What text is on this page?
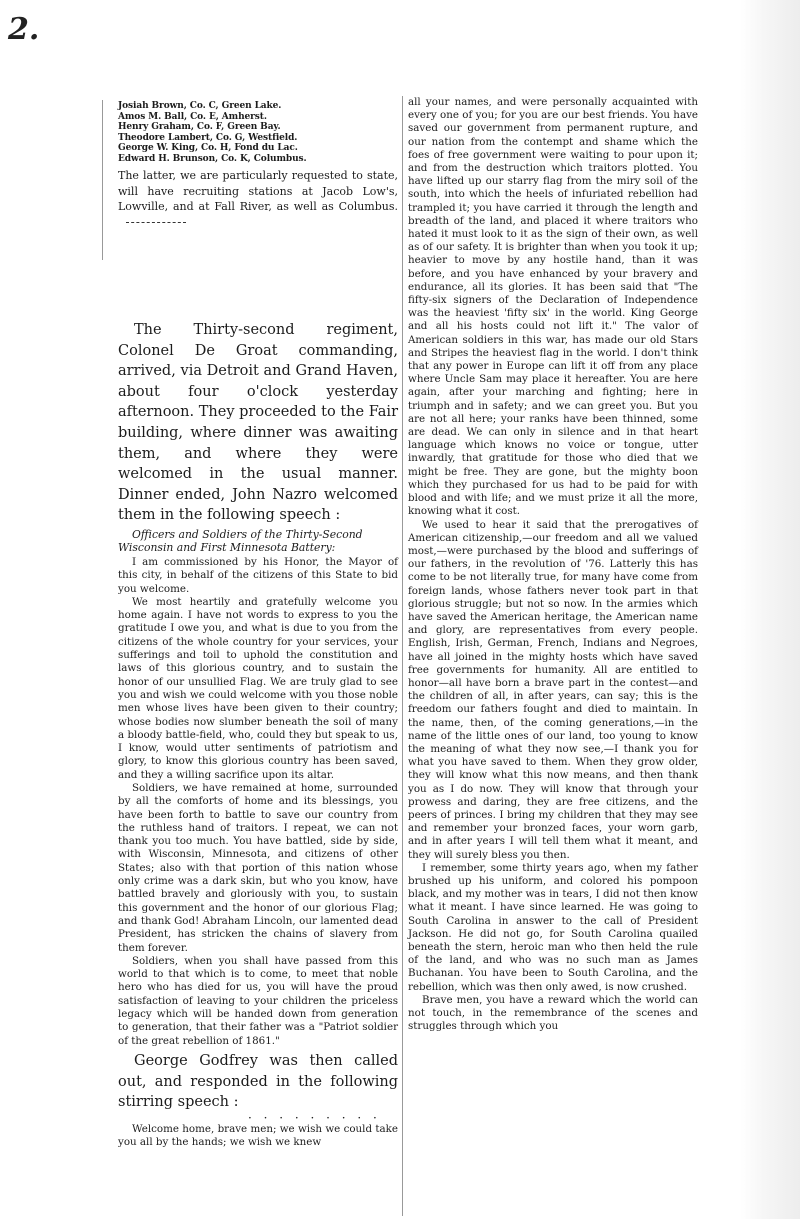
2.
Josiah Brown, Co. C, Green Lake.
Amos M. Ball, Co. E, Amherst.
Henry Graham, Co. F, Green Bay.
Theodore Lambert, Co. G, Westfield.
George W. King, Co. H, Fond du Lac.
Edward H. Brunson, Co. K, Columbus.

The latter, we are particularly requested to state, will have recruiting stations at Jacob Low's, Lowville, and at Fall River, as well as Columbus.

The Thirty-second regiment, Colonel De Groat commanding, arrived, via Detroit and Grand Haven, about four o'clock yesterday afternoon. They proceeded to the Fair building, where dinner was awaiting them, and where they were welcomed in the usual manner. Dinner ended, John Nazro welcomed them in the following speech :

Officers and Soldiers of the Thirty-Second Wisconsin and First Minnesota Battery:

I am commissioned by his Honor, the Mayor of this city, in behalf of the citizens of this State to bid you welcome.

We most heartily and gratefully welcome you home again. I have not words to express to you the gratitude I owe you, and what is due to you from the citizens of the whole country for your services, your sufferings and toil to uphold the constitution and laws of this glorious country, and to sustain the honor of our unsullied Flag. We are truly glad to see you and wish we could welcome with you those noble men whose lives have been given to their country; whose bodies now slumber beneath the soil of many a bloody battle-field, who, could they but speak to us, I know, would utter sentiments of patriotism and glory, to know this glorious country has been saved, and they a willing sacrifice upon its altar.

Soldiers, we have remained at home, surrounded by all the comforts of home and its blessings, you have been forth to battle to save our country from the ruthless hand of traitors. I repeat, we can not thank you too much. You have battled, side by side, with Wisconsin, Minnesota, and citizens of other States; also with that portion of this nation whose only crime was a dark skin, but who you know, have battled bravely and gloriously with you, to sustain this government and the honor of our glorious Flag; and thank God! Abraham Lincoln, our lamented dead President, has stricken the chains of slavery from them forever.

Soldiers, when you shall have passed from this world to that which is to come, to meet that noble hero who has died for us, you will have the proud satisfaction of leaving to your children the priceless legacy which will be handed down from generation to generation, that their father was a "Patriot soldier of the great rebellion of 1861."

George Godfrey was then called out, and responded in the following stirring speech :

· · · · · · · · ·

Welcome home, brave men; we wish we could take you all by the hands; we wish we knew

all your names, and were personally acquainted with every one of you; for you are our best friends. You have saved our government from permanent rupture, and our nation from the contempt and shame which the foes of free government were waiting to pour upon it; and from the destruction which traitors plotted. You have lifted up our starry flag from the miry soil of the south, into which the heels of infuriated rebellion had trampled it; you have carried it through the length and breadth of the land, and placed it where traitors who hated it must look to it as the sign of their own, as well as of our safety. It is brighter than when you took it up; heavier to move by any hostile hand, than it was before, and you have enhanced by your bravery and endurance, all its glories. It has been said that "The fifty-six signers of the Declaration of Independence was the heaviest 'fifty six' in the world. King George and all his hosts could not lift it." The valor of American soldiers in this war, has made our old Stars and Stripes the heaviest flag in the world. I don't think that any power in Europe can lift it off from any place where Uncle Sam may place it hereafter. You are here again, after your marching and fighting; here in triumph and in safety; and we can greet you. But you are not all here; your ranks have been thinned, some are dead. We can only in silence and in that heart language which knows no voice or tongue, utter inwardly, that gratitude for those who died that we might be free. They are gone, but the mighty boon which they purchased for us had to be paid for with blood and with life; and we must prize it all the more, knowing what it cost.

We used to hear it said that the prerogatives of American citizenship,—our freedom and all we valued most,—were purchased by the blood and sufferings of our fathers, in the revolution of '76. Latterly this has come to be not literally true, for many have come from foreign lands, whose fathers never took part in that glorious struggle; but not so now. In the armies which have saved the American heritage, the American name and glory, are representatives from every people. English, Irish, German, French, Indians and Negroes, have all joined in the mighty hosts which have saved free governments for humanity. All are entitled to honor—all have born a brave part in the contest—and the children of all, in after years, can say; this is the freedom our fathers fought and died to maintain. In the name, then, of the coming generations,—in the name of the little ones of our land, too young to know the meaning of what they now see,—I thank you for what you have saved to them. When they grow older, they will know what this now means, and then thank you as I do now. They will know that through your prowess and daring, they are free citizens, and the peers of princes. I bring my children that they may see and remember your bronzed faces, your worn garb, and in after years I will tell them what it meant, and they will surely bless you then.

I remember, some thirty years ago, when my father brushed up his uniform, and colored his pompoon black, and my mother was in tears, I did not then know what it meant. I have since learned. He was going to South Carolina in answer to the call of President Jackson. He did not go, for South Carolina quailed beneath the stern, heroic man who then held the rule of the land, and who was no such man as James Buchanan. You have been to South Carolina, and the rebellion, which was then only awed, is now crushed.

Brave men, you have a reward which the world can not touch, in the remembrance of the scenes and struggles through which you
